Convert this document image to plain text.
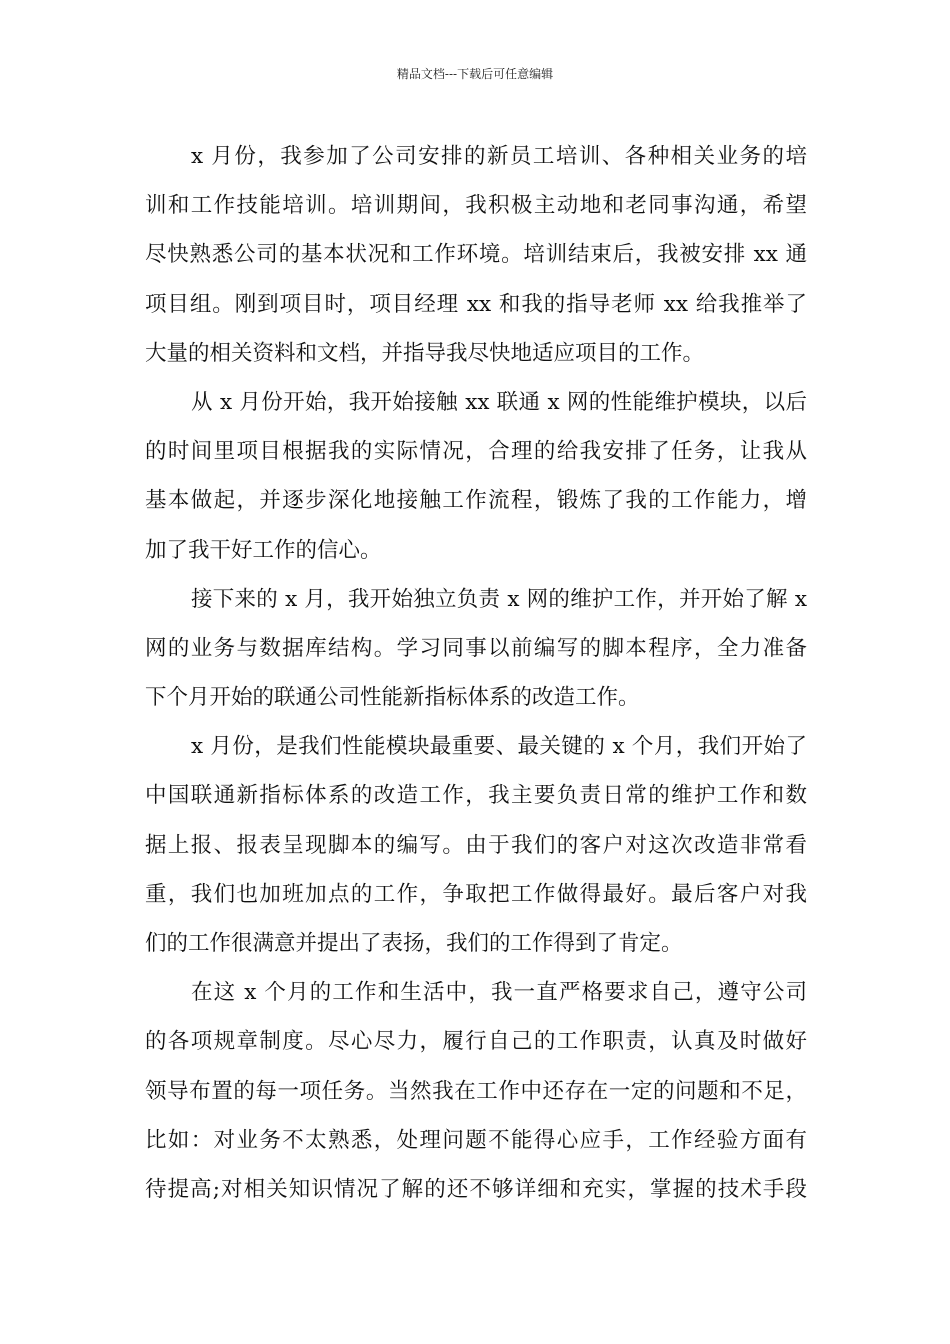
精品文档---下载后可任意编辑
x 月份，我参加了公司安排的新员工培训、各种相关业务的培
训和工作技能培训。培训期间，我积极主动地和老同事沟通，希望
尽快熟悉公司的基本状况和工作环境。培训结束后，我被安排 xx 通
项目组。刚到项目时，项目经理 xx 和我的指导老师 xx 给我推举了
大量的相关资料和文档，并指导我尽快地适应项目的工作。
从 x 月份开始，我开始接触 xx 联通 x 网的性能维护模块，以后
的时间里项目根据我的实际情况，合理的给我安排了任务，让我从
基本做起，并逐步深化地接触工作流程，锻炼了我的工作能力，增
加了我干好工作的信心。
接下来的 x 月，我开始独立负责 x 网的维护工作，并开始了解 x
网的业务与数据库结构。学习同事以前编写的脚本程序，全力准备
下个月开始的联通公司性能新指标体系的改造工作。
x 月份，是我们性能模块最重要、最关键的 x 个月，我们开始了
中国联通新指标体系的改造工作，我主要负责日常的维护工作和数
据上报、报表呈现脚本的编写。由于我们的客户对这次改造非常看
重，我们也加班加点的工作，争取把工作做得最好。最后客户对我
们的工作很满意并提出了表扬，我们的工作得到了肯定。
在这 x 个月的工作和生活中，我一直严格要求自己，遵守公司
的各项规章制度。尽心尽力，履行自己的工作职责，认真及时做好
领导布置的每一项任务。当然我在工作中还存在一定的问题和不足，
比如：对业务不太熟悉，处理问题不能得心应手，工作经验方面有
待提高;对相关知识情况了解的还不够详细和充实，掌握的技术手段
